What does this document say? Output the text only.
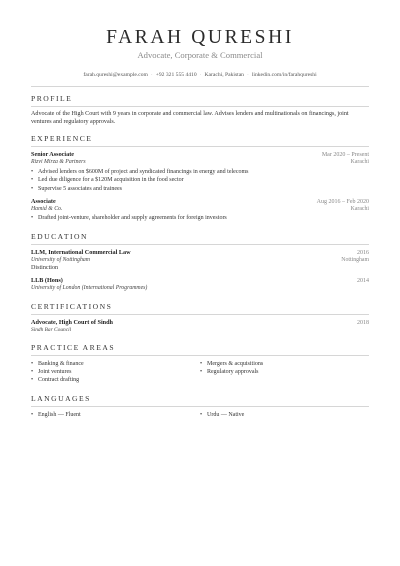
FARAH QURESHI
Advocate, Corporate & Commercial
farah.qureshi@example.com · +92 321 555 4410 · Karachi, Pakistan · linkedin.com/in/farahqureshi
PROFILE
Advocate of the High Court with 9 years in corporate and commercial law. Advises lenders and multinationals on financings, joint ventures and regulatory approvals.
EXPERIENCE
Senior Associate	Mar 2020 – Present
Rizvi Mirza & Partners	Karachi
• Advised lenders on $600M of project and syndicated financings in energy and telecoms
• Led due diligence for a $120M acquisition in the food sector
• Supervise 5 associates and trainees
Associate	Aug 2016 – Feb 2020
Hamid & Co.	Karachi
• Drafted joint-venture, shareholder and supply agreements for foreign investors
EDUCATION
LLM, International Commercial Law	2016
University of Nottingham	Nottingham
Distinction
LLB (Hons)	2014
University of London (International Programmes)
CERTIFICATIONS
Advocate, High Court of Sindh	2018
Sindh Bar Council
PRACTICE AREAS
• Banking & finance
• Joint ventures
• Contract drafting
• Mergers & acquisitions
• Regulatory approvals
LANGUAGES
• English — Fluent	• Urdu — Native
